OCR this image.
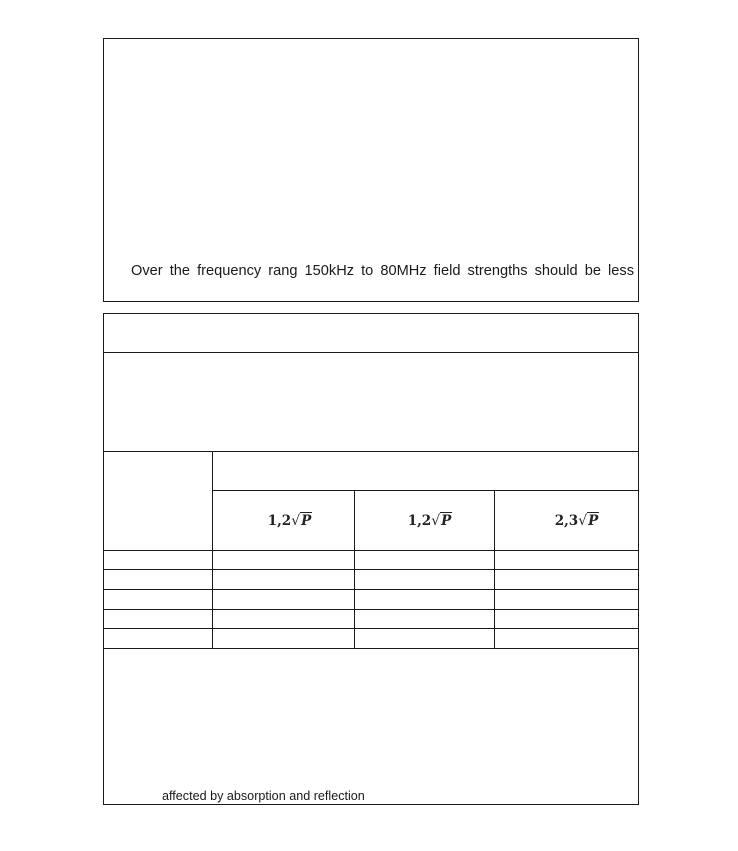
Over the frequency rang 150kHz to 80MHz field strengths should be less
1,2√P	1,2√P	2,3√P
affected by absorption and reflection
